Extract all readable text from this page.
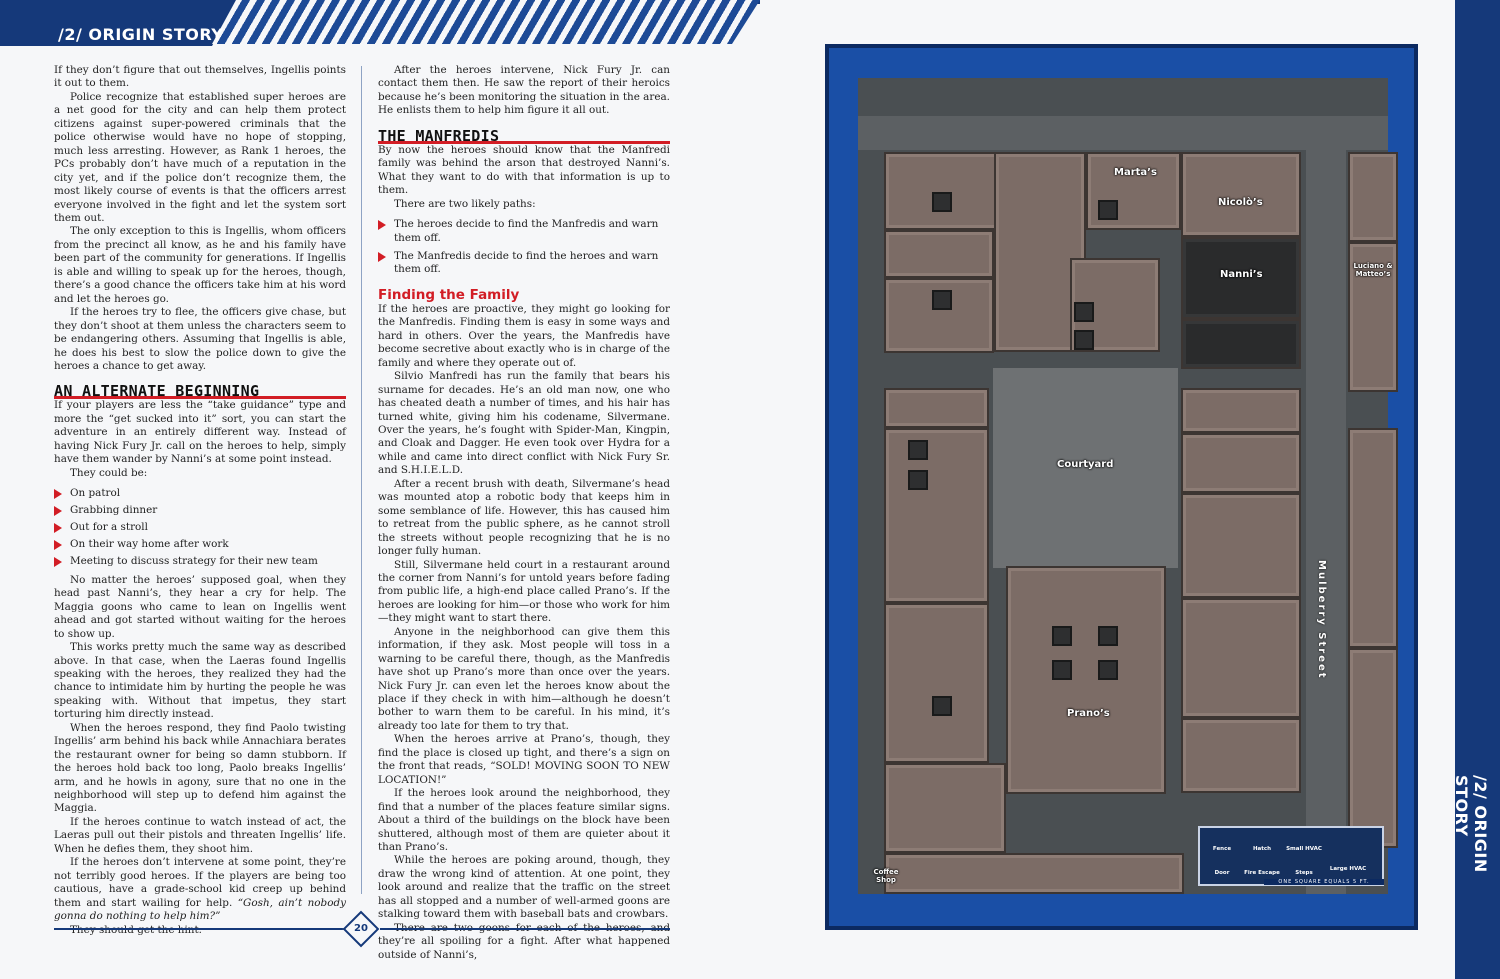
/2/ ORIGIN STORY

If they don’t figure that out themselves, Ingellis points it out to them.

Police recognize that established super heroes are a net good for the city and can help them protect citizens against super-powered criminals that the police otherwise would have no hope of stopping, much less arresting. However, as Rank 1 heroes, the PCs probably don’t have much of a reputation in the city yet, and if the police don’t recognize them, the most likely course of events is that the officers arrest everyone involved in the fight and let the system sort them out.

The only exception to this is Ingellis, whom officers from the precinct all know, as he and his family have been part of the community for generations. If Ingellis is able and willing to speak up for the heroes, though, there’s a good chance the officers take him at his word and let the heroes go.

If the heroes try to flee, the officers give chase, but they don’t shoot at them unless the characters seem to be endangering others. Assuming that Ingellis is able, he does his best to slow the police down to give the heroes a chance to get away.

AN ALTERNATE BEGINNING

If your players are less the “take guidance” type and more the “get sucked into it” sort, you can start the adventure in an entirely different way. Instead of having Nick Fury Jr. call on the heroes to help, simply have them wander by Nanni’s at some point instead.

They could be:

On patrol
Grabbing dinner
Out for a stroll
On their way home after work
Meeting to discuss strategy for their new team

No matter the heroes’ supposed goal, when they head past Nanni’s, they hear a cry for help. The Maggia goons who came to lean on Ingellis went ahead and got started without waiting for the heroes to show up.

This works pretty much the same way as described above. In that case, when the Laeras found Ingellis speaking with the heroes, they realized they had the chance to intimidate him by hurting the people he was speaking with. Without that impetus, they start torturing him directly instead.

When the heroes respond, they find Paolo twisting Ingellis’ arm behind his back while Annachiara berates the restaurant owner for being so damn stubborn. If the heroes hold back too long, Paolo breaks Ingellis’ arm, and he howls in agony, sure that no one in the neighborhood will step up to defend him against the Maggia.

If the heroes continue to watch instead of act, the Laeras pull out their pistols and threaten Ingellis’ life. When he defies them, they shoot him.

If the heroes don’t intervene at some point, they’re not terribly good heroes. If the players are being too cautious, have a grade-school kid creep up behind them and start wailing for help. “Gosh, ain’t nobody gonna do nothing to help him?”

After the heroes intervene, Nick Fury Jr. can contact them then. He saw the report of their heroics because he’s been monitoring the situation in the area. He enlists them to help him figure it all out.

THE MANFREDIS

By now the heroes should know that the Manfredi family was behind the arson that destroyed Nanni’s. What they want to do with that information is up to them.

There are two likely paths:

The heroes decide to find the Manfredis and warn them off.
The Manfredis decide to find the heroes and warn them off.
Finding the Family

If the heroes are proactive, they might go looking for the Manfredis. Finding them is easy in some ways and hard in others. Over the years, the Manfredis have become secretive about exactly who is in charge of the family and where they operate out of.

Silvio Manfredi has run the family that bears his surname for decades. He’s an old man now, one who has cheated death a number of times, and his hair has turned white, giving him his codename, Silvermane. Over the years, he’s fought with Spider-Man, Kingpin, and Cloak and Dagger. He even took over Hydra for a while and came into direct conflict with Nick Fury Sr. and S.H.I.E.L.D.

After a recent brush with death, Silvermane’s head was mounted atop a robotic body that keeps him in some semblance of life. However, this has caused him to retreat from the public sphere, as he cannot stroll the streets without people recognizing that he is no longer fully human.

Still, Silvermane held court in a restaurant around the corner from Nanni’s for untold years before fading from public life, a high-end place called Prano’s. If the heroes are looking for him—or those who work for him—they might want to start there.

Anyone in the neighborhood can give them this information, if they ask. Most people will toss in a warning to be careful there, though, as the Manfredis have shot up Prano’s more than once over the years. Nick Fury Jr. can even let the heroes know about the place if they check in with him—although he doesn’t bother to warn them to be careful. In his mind, it’s already too late for them to try that.

When the heroes arrive at Prano’s, though, they find the place is closed up tight, and there’s a sign on the front that reads, “SOLD! MOVING SOON TO NEW LOCATION!”

If the heroes look around the neighborhood, they find that a number of the places feature similar signs. About a third of the buildings on the block have been shuttered, although most of them are quieter about it than Prano’s.

While the heroes are poking around, though, they draw the wrong kind of attention. At one point, they look around and realize that the traffic on the street has all stopped and a number of well-armed goons are stalking toward them with baseball bats and crowbars.

they’re all spoiling for a fight. After what happened outside of Nanni’s,

20
Marta’s
Nicolò’s
Nanni’s
Luciano & Matteo’s
Courtyard
Prano’s
Coffee Shop
Mulberry Street
Fence	Hatch	Small HVAC
Door	Fire Escape	Steps
Large HVAC
ONE SQUARE EQUALS 5 FT.
/2/ ORIGIN STORY
